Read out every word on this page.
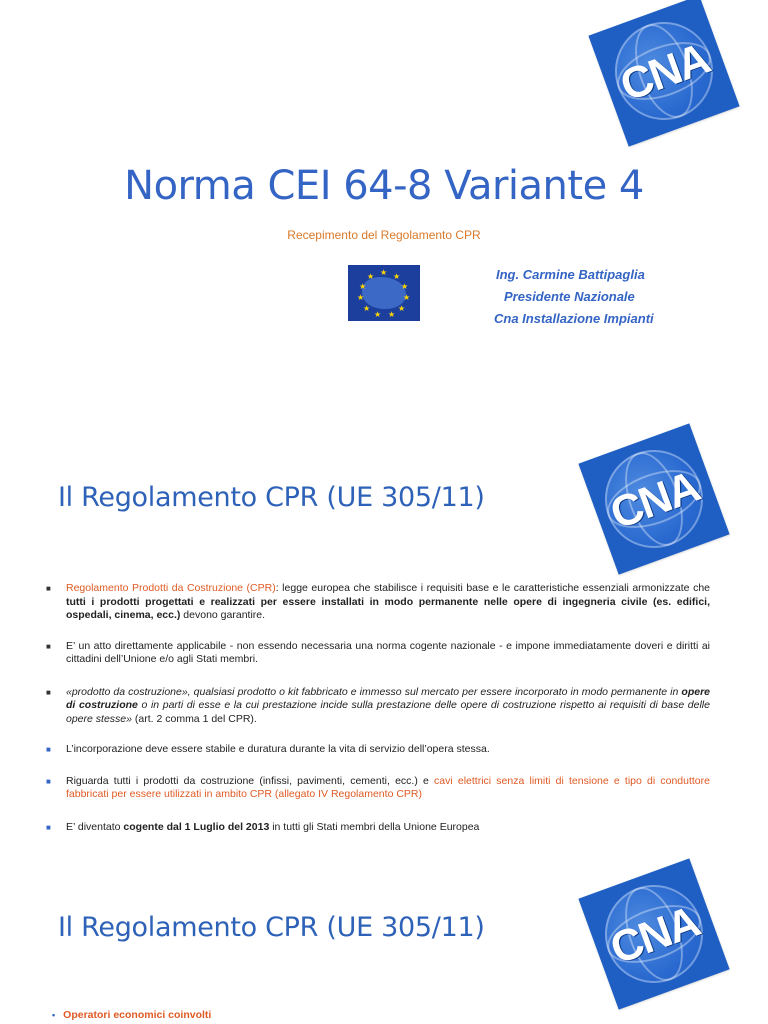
CNA
Norma CEI 64-8 Variante 4
Recepimento del Regolamento CPR
★ ★
★
★
★
★
★
★
★
★
★	Ing. Carmine Battipaglia
Presidente Nazionale
Cna Installazione Impianti
CNA
Il Regolamento CPR (UE 305/11)
■ Regolamento Prodotti da Costruzione (CPR): legge europea che stabilisce i requisiti base e le caratteristiche essenziali armonizzate che tutti i prodotti progettati e realizzati per essere installati in modo permanente nelle opere di ingegneria civile (es. edifici, ospedali, cinema, ecc.) devono garantire.
■ E’ un atto direttamente applicabile - non essendo necessaria una norma cogente nazionale - e impone immediatamente doveri e diritti ai cittadini dell’Unione e/o agli Stati membri.
■ «prodotto da costruzione», qualsiasi prodotto o kit fabbricato e immesso sul mercato per essere incorporato in modo permanente in opere di costruzione o in parti di esse e la cui prestazione incide sulla prestazione delle opere di costruzione rispetto ai requisiti di base delle opere stesse» (art. 2 comma 1 del CPR).
■ L’incorporazione deve essere stabile e duratura durante la vita di servizio dell’opera stessa.
■ Riguarda tutti i prodotti da costruzione (infissi, pavimenti, cementi, ecc.) e cavi elettrici senza limiti di tensione e tipo di conduttore fabbricati per essere utilizzati in ambito CPR (allegato IV Regolamento CPR)
■ E’ diventato cogente dal 1 Luglio del 2013 in tutti gli Stati membri della Unione Europea
CNA
Il Regolamento CPR (UE 305/11)
• Operatori economici coinvolti
